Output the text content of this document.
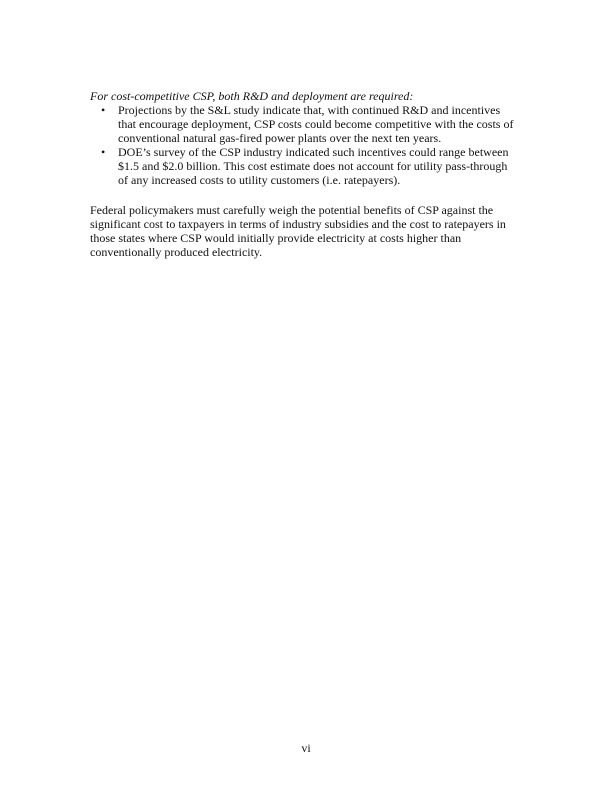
For cost-competitive CSP, both R&D and deployment are required:
• Projections by the S&L study indicate that, with continued R&D and incentives
that encourage deployment, CSP costs could become competitive with the costs of
conventional natural gas-fired power plants over the next ten years.
• DOE’s survey of the CSP industry indicated such incentives could range between
$1.5 and $2.0 billion. This cost estimate does not account for utility pass-through
of any increased costs to utility customers (i.e. ratepayers).
Federal policymakers must carefully weigh the potential benefits of CSP against the
significant cost to taxpayers in terms of industry subsidies and the cost to ratepayers in
those states where CSP would initially provide electricity at costs higher than
conventionally produced electricity.
vi
